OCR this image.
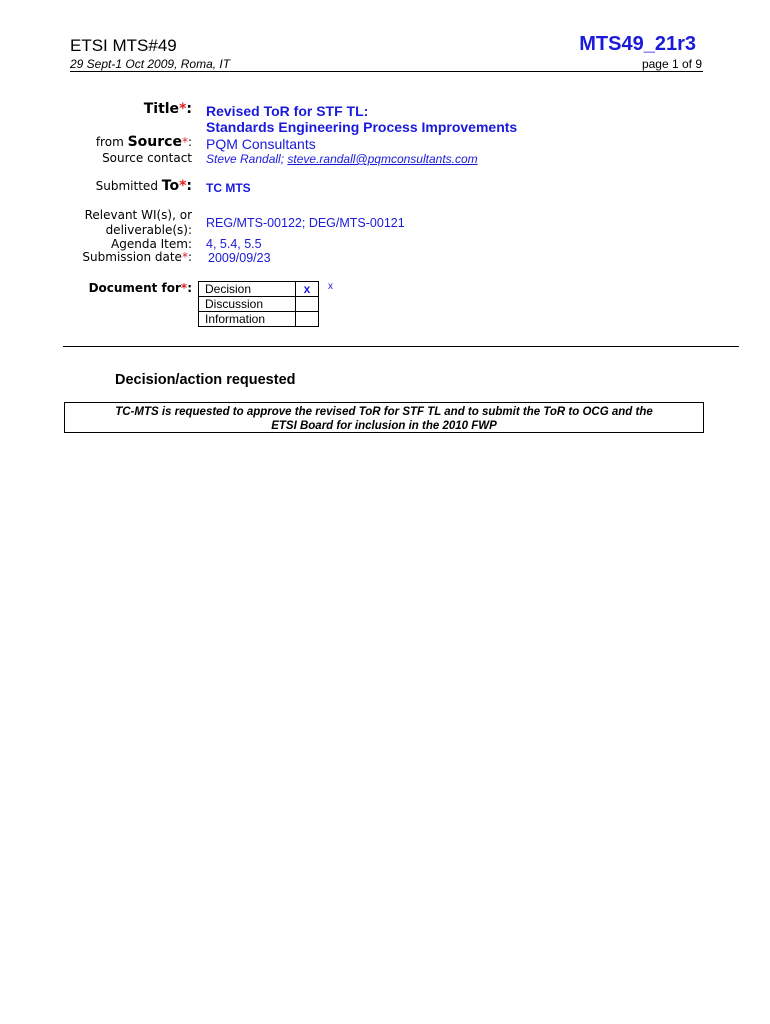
ETSI MTS#49
29 Sept-1 Oct 2009, Roma, IT
MTS49_21r3
page 1 of 9
Title*: Revised ToR for STF TL:
Standards Engineering Process Improvements
from Source*: PQM Consultants
Source contact Steve Randall; steve.randall@pqmconsultants.com
Submitted To*: TC MTS
Relevant WI(s), or
deliverable(s): REG/MTS-00122; DEG/MTS-00121
Agenda Item: 4, 5.4, 5.5
Submission date*: 2009/09/23
Document for*: Decision	x
Discussion	
Information	
x
Decision/action requested
TC-MTS is requested to approve the revised ToR for STF TL and to submit the ToR to OCG and the
ETSI Board for inclusion in the 2010 FWP
